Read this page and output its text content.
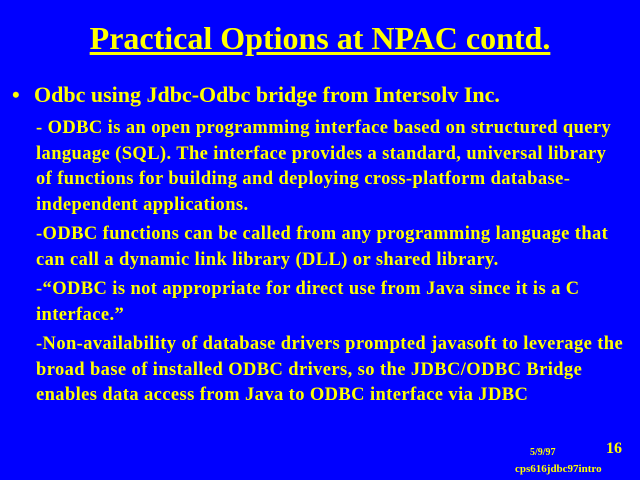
Practical Options at NPAC contd.
• Odbc using Jdbc-Odbc bridge from Intersolv Inc.

- ODBC is an open programming interface based on structured query language (SQL). The interface provides a standard, universal library of functions for building and deploying cross-platform database-independent applications.

-ODBC functions can be called from any programming language that can call a dynamic link library (DLL) or shared library.

-“ODBC is not appropriate for direct use from Java since it is a C interface.”

-Non-availability of database drivers prompted javasoft to leverage the broad base of installed ODBC drivers, so the JDBC/ODBC Bridge enables data access from Java to ODBC interface via JDBC

5/9/97	16
cps616jdbc97intro
